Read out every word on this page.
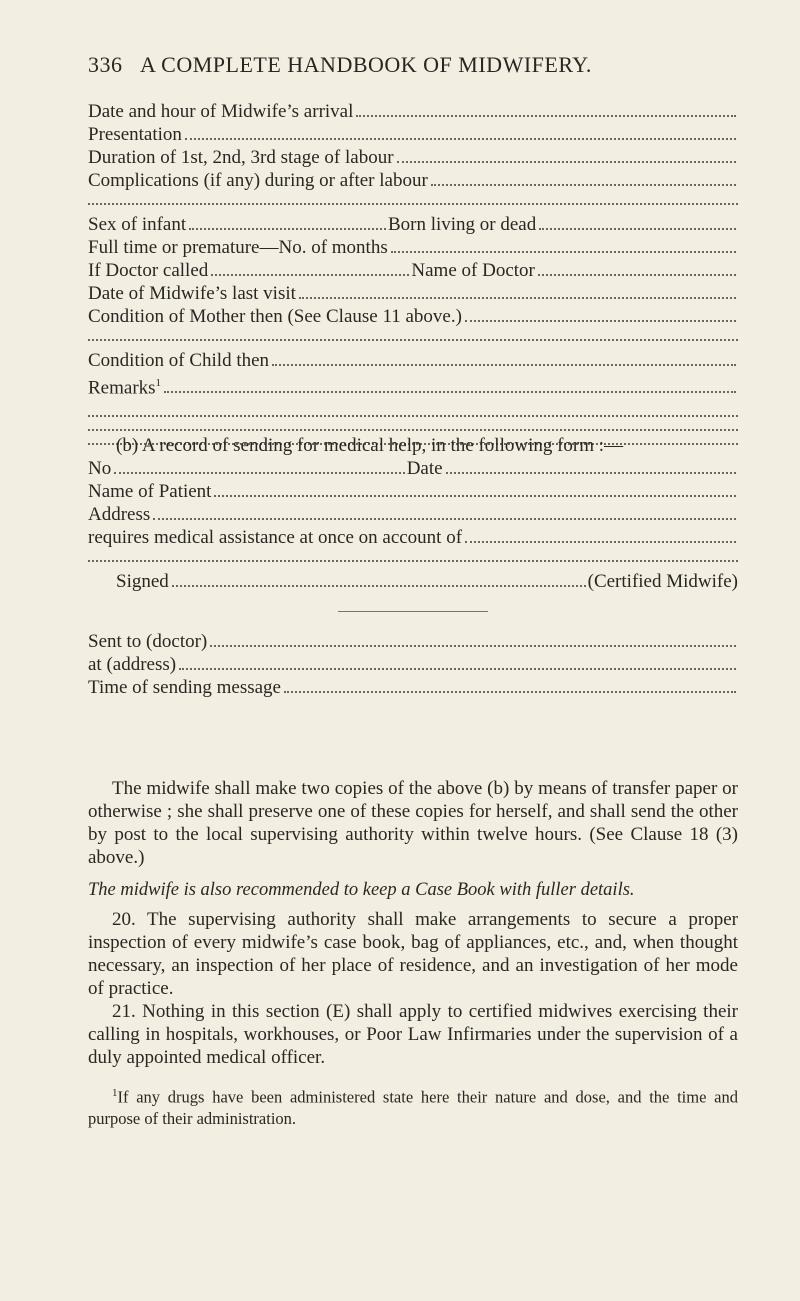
336 A COMPLETE HANDBOOK OF MIDWIFERY.
Date and hour of Midwife’s arrival
Presentation
Duration of 1st, 2nd, 3rd stage of labour
Complications (if any) during or after labour
Sex of infant	Born living or dead
Full time or premature—No. of months
If Doctor called	Name of Doctor
Date of Midwife’s last visit
Condition of Mother then (See Clause 11 above.)
Condition of Child then
Remarks$^1$
(b) A record of sending for medical help, in the following form :—
No	Date
Name of Patient
Address
requires medical assistance at once on account of
Signed	(Certified Midwife)
Sent to (doctor)
at (address)
Time of sending message

The midwife shall make two copies of the above (b) by means of transfer paper or otherwise ; she shall preserve one of these copies for herself, and shall send the other by post to the local supervising authority within twelve hours. (See Clause 18 (3) above.)

The midwife is also recommended to keep a Case Book with fuller details.

20. The supervising authority shall make arrangements to secure a proper inspection of every midwife’s case book, bag of appliances, etc., and, when thought necessary, an inspection of her place of residence, and an investigation of her mode of practice.

21. Nothing in this section (E) shall apply to certified midwives exercising their calling in hospitals, workhouses, or Poor Law Infirmaries under the supervision of a duly appointed medical officer.

$^1$If any drugs have been administered state here their nature and dose, and the time and purpose of their administration.
